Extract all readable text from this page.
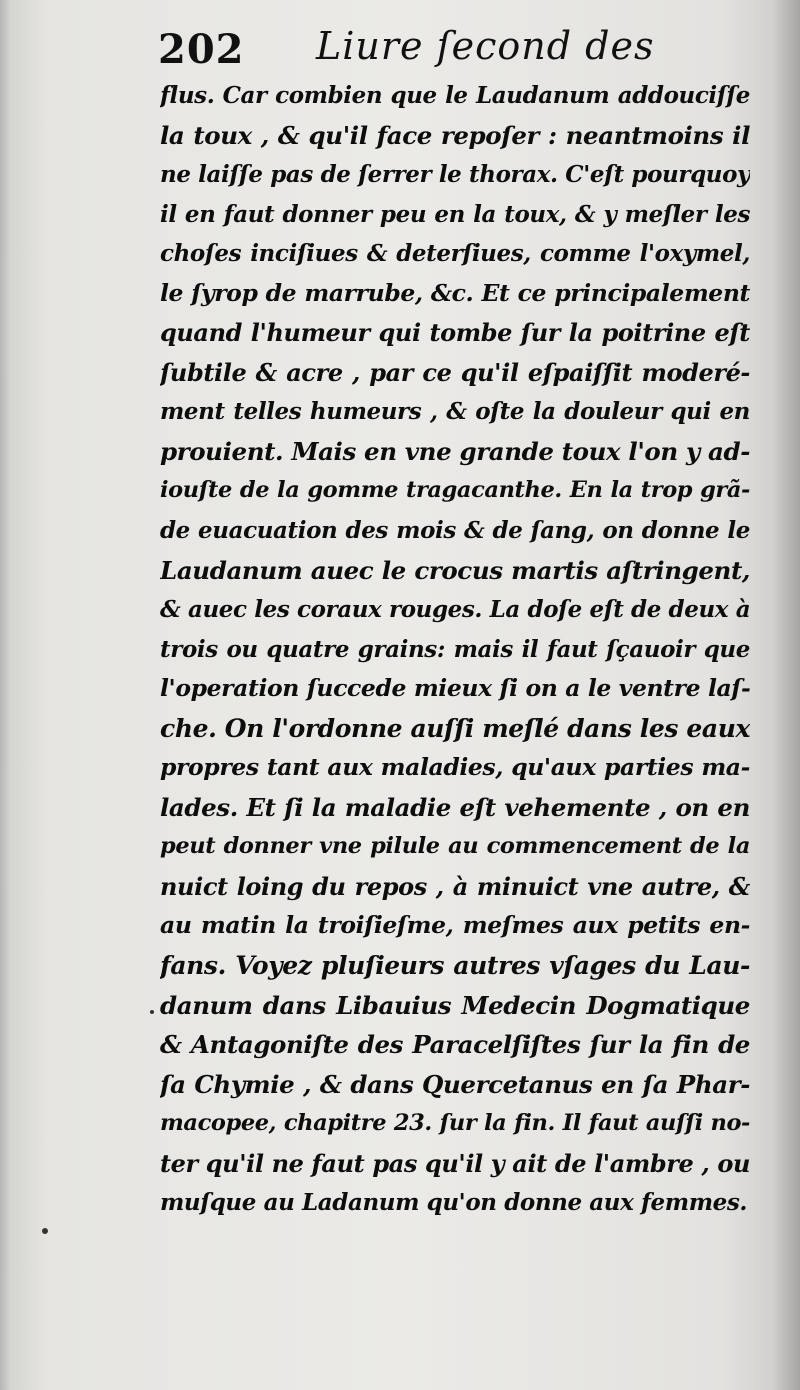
202 Liure ſecond des
flus. Car combien que le Laudanum addouciſſe
la toux , & qu'il face repoſer : neantmoins il
ne laiſſe pas de ſerrer le thorax. C'eſt pourquoy
il en faut donner peu en la toux, & y meſler les
choſes inciſiues & deterſiues, comme l'oxymel,
le ſyrop de marrube, &c. Et ce principalement
quand l'humeur qui tombe ſur la poitrine eſt
ſubtile & acre , par ce qu'il eſpaiſſit moderé-
ment telles humeurs , & oſte la douleur qui en
prouient. Mais en vne grande toux l'on y ad-
iouſte de la gomme tragacanthe. En la trop grã-
de euacuation des mois & de ſang, on donne le
Laudanum auec le crocus martis aſtringent,
& auec les coraux rouges. La doſe eſt de deux à
trois ou quatre grains: mais il faut ſçauoir que
l'operation ſuccede mieux ſi on a le ventre laſ-
che. On l'ordonne auſſi meſlé dans les eaux
propres tant aux maladies, qu'aux parties ma-
lades. Et ſi la maladie eſt vehemente , on en
peut donner vne pilule au commencement de la
nuict loing du repos , à minuict vne autre, &
au matin la troiſieſme, meſmes aux petits en-
fans. Voyez pluſieurs autres vſages du Lau-
danum dans Libauius Medecin Dogmatique
& Antagoniſte des Paracelſiſtes ſur la fin de
ſa Chymie , & dans Quercetanus en ſa Phar-
macopee, chapitre 23. ſur la fin. Il faut auſſi no-
ter qu'il ne faut pas qu'il y ait de l'ambre , ou
muſque au Ladanum qu'on donne aux femmes.
